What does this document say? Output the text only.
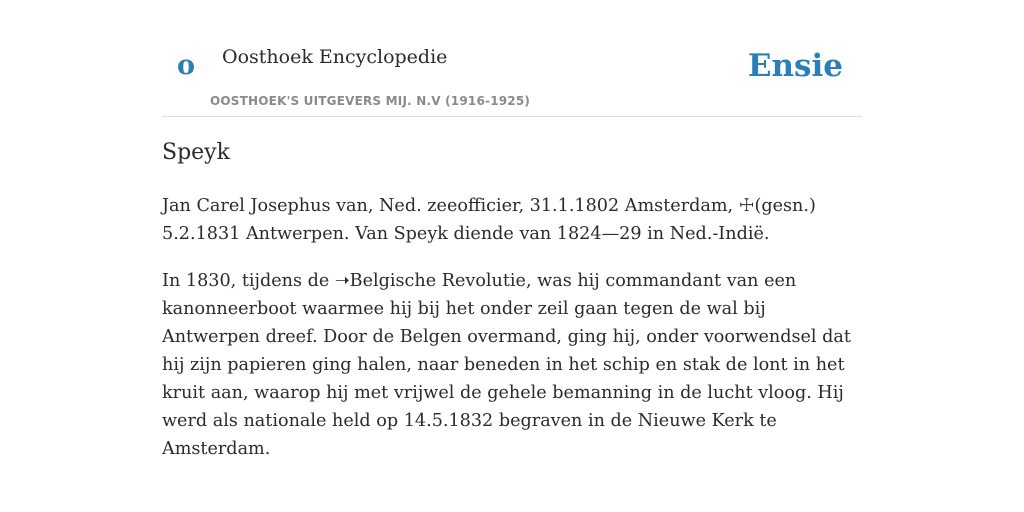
o Oosthoek Encyclopedie
OOSTHOEK'S UITGEVERS MIJ. N.V (1916-1925)
Ensie
Speyk

Jan Carel Josephus van, Ned. zeeofficier, 31.1.1802 Amsterdam, ☩(gesn.) 5.2.1831 Antwerpen. Van Speyk diende van 1824—29 in Ned.-Indië.

In 1830, tijdens de ➝Belgische Revolutie, was hij commandant van een kanonneerboot waarmee hij bij het onder zeil gaan tegen de wal bij Antwerpen dreef. Door de Belgen overmand, ging hij, onder voorwendsel dat hij zijn papieren ging halen, naar beneden in het schip en stak de lont in het kruit aan, waarop hij met vrijwel de gehele bemanning in de lucht vloog. Hij werd als nationale held op 14.5.1832 begraven in de Nieuwe Kerk te Amsterdam.
